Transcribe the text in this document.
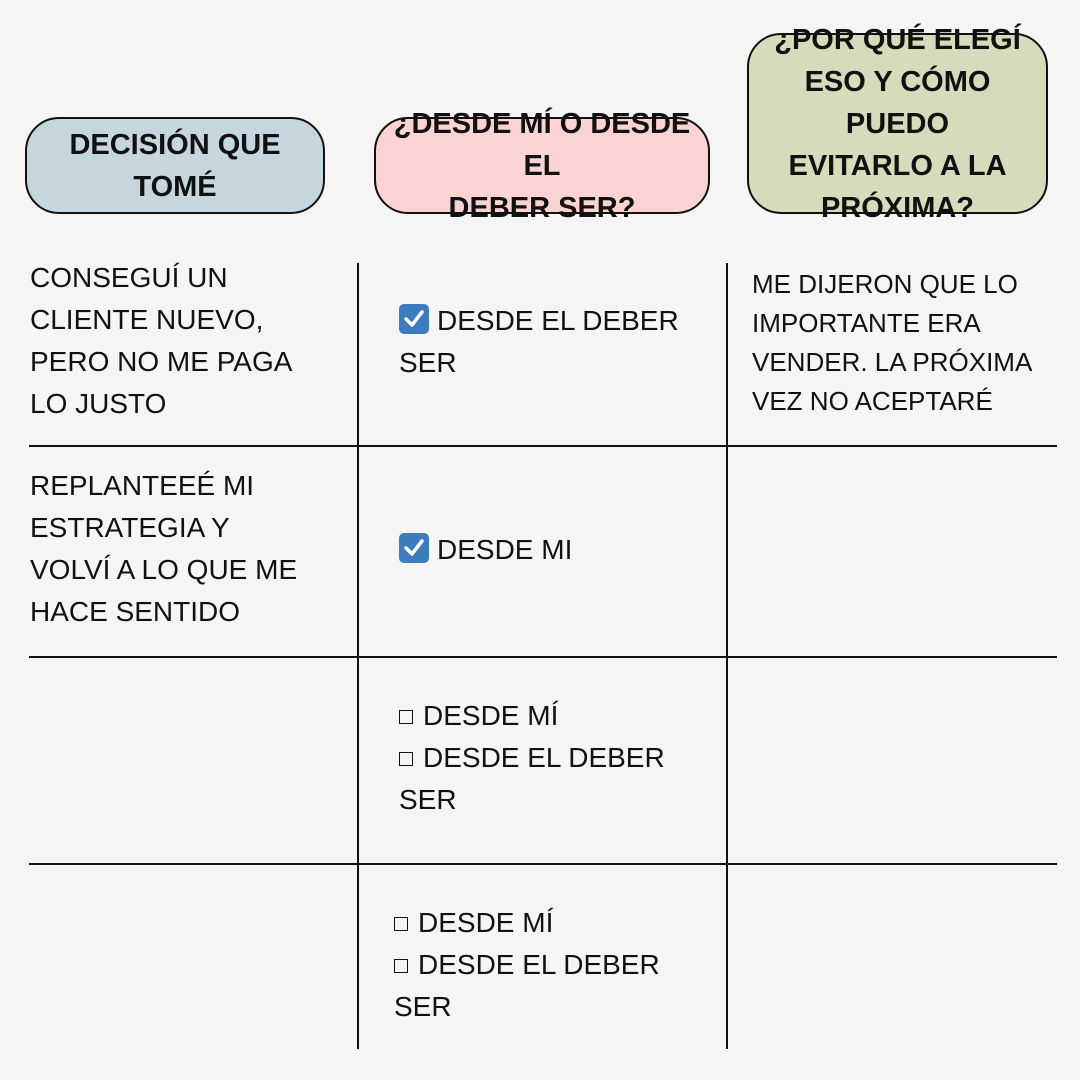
DECISIÓN QUE
TOMÉ
¿DESDE MÍ O DESDE EL
DEBER SER?
¿POR QUÉ ELEGÍ
ESO Y CÓMO PUEDO
EVITARLO A LA
PRÓXIMA?
CONSEGUÍ UN
CLIENTE NUEVO,
PERO NO ME PAGA
LO JUSTO
DESDE EL DEBER
SER
ME DIJERON QUE LO
IMPORTANTE ERA
VENDER. LA PRÓXIMA
VEZ NO ACEPTARÉ
REPLANTEEÉ MI
ESTRATEGIA Y
VOLVÍ A LO QUE ME
HACE SENTIDO
DESDE MI
DESDE MÍ
DESDE EL DEBER
SER
DESDE MÍ
DESDE EL DEBER
SER
